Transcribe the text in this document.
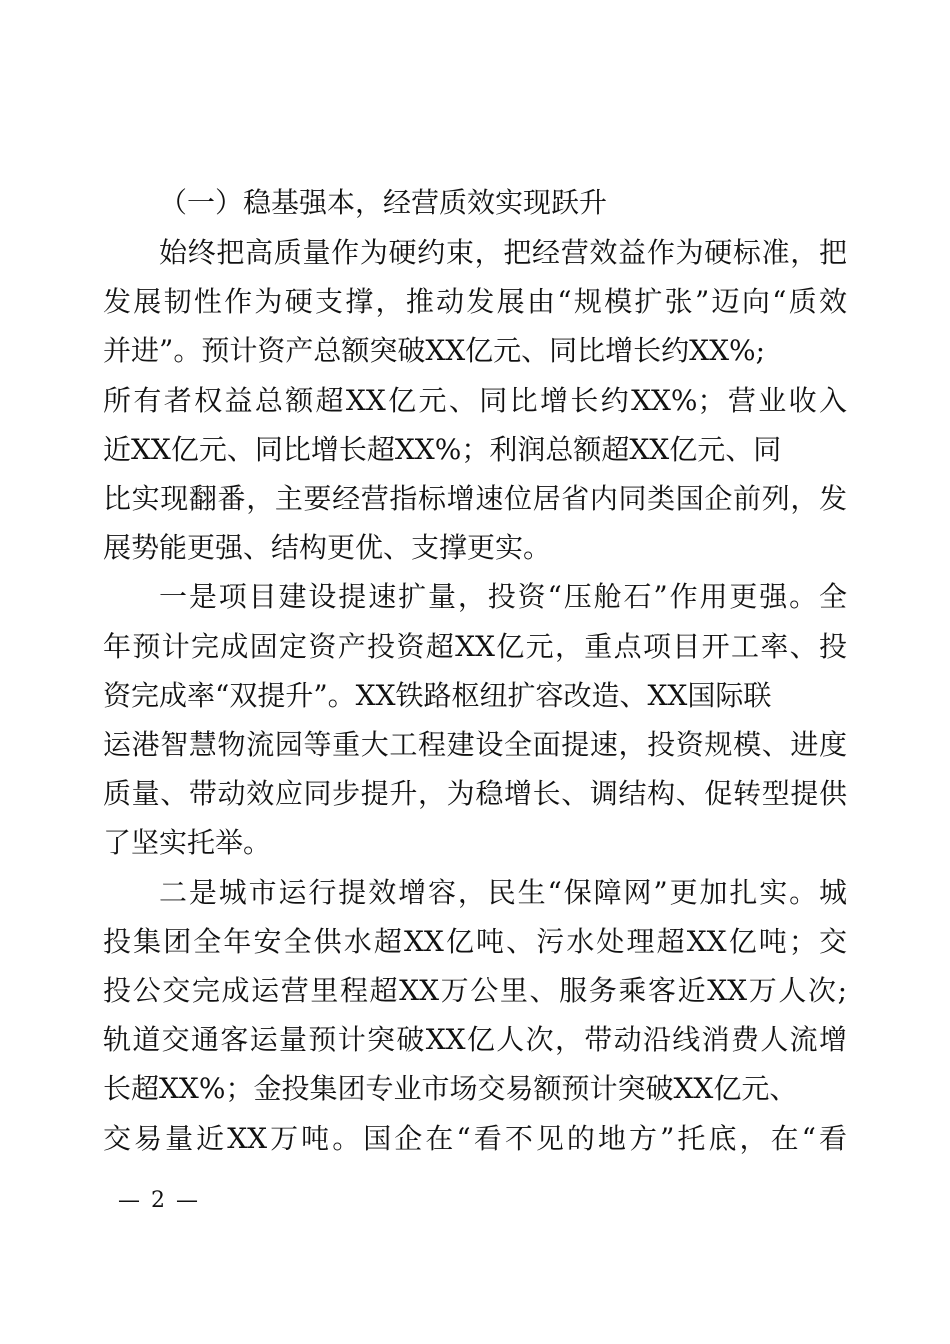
（一）稳基强本，经营质效实现跃升
始终把高质量作为硬约束，把经营效益作为硬标准，把
发展韧性作为硬支撑，推动发展由“规模扩张”迈向“质效
并进”。预计资产总额突破XX亿元、同比增长约XX%;
所有者权益总额超XX亿元、同比增长约XX%；营业收入
近XX亿元、同比增长超XX%；利润总额超XX亿元、同
比实现翻番，主要经营指标增速位居省内同类国企前列，发
展势能更强、结构更优、支撑更实。
一是项目建设提速扩量，投资“压舱石”作用更强。全
年预计完成固定资产投资超XX亿元，重点项目开工率、投
资完成率“双提升”。XX铁路枢纽扩容改造、XX国际联
运港智慧物流园等重大工程建设全面提速，投资规模、进度
质量、带动效应同步提升，为稳增长、调结构、促转型提供
了坚实托举。
二是城市运行提效增容，民生“保障网”更加扎实。城
投集团全年安全供水超XX亿吨、污水处理超XX亿吨；交
投公交完成运营里程超XX万公里、服务乘客近XX万人次;
轨道交通客运量预计突破XX亿人次，带动沿线消费人流增
长超XX%；金投集团专业市场交易额预计突破XX亿元、
交易量近XX万吨。国企在“看不见的地方”托底，在“看
— 2 —
